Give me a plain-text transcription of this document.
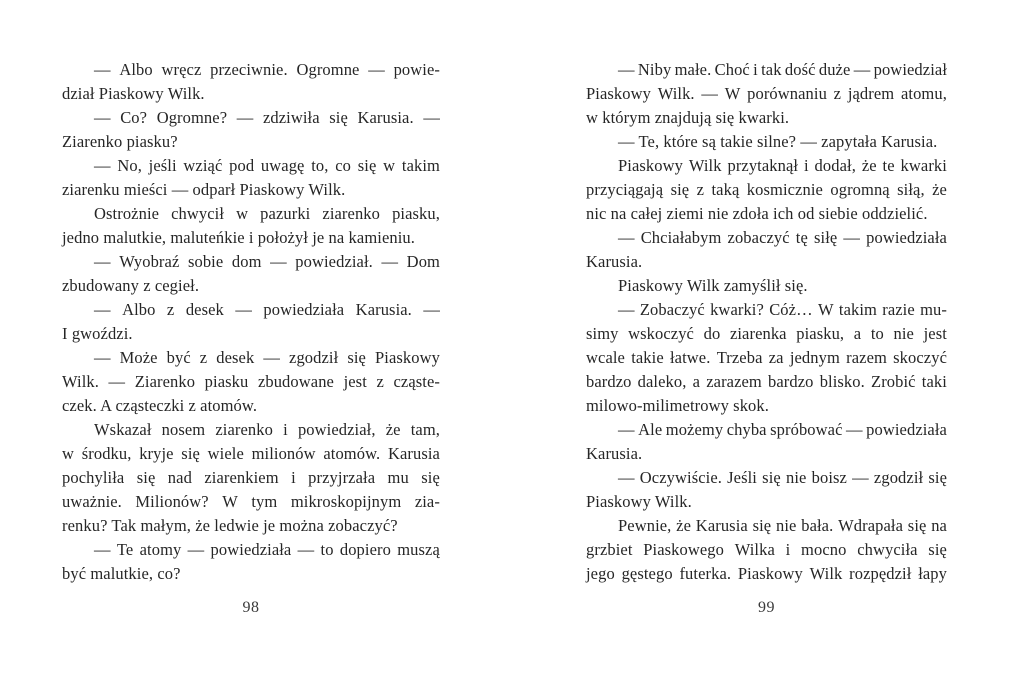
— Albo wręcz przeciwnie. Ogromne — powie-
dział Piaskowy Wilk.
— Co? Ogromne? — zdziwiła się Karusia. —
Ziarenko piasku?
— No, jeśli wziąć pod uwagę to, co się w takim
ziarenku mieści — odparł Piaskowy Wilk.
Ostrożnie chwycił w pazurki ziarenko piasku,
jedno malutkie, maluteńkie i położył je na kamieniu.
— Wyobraź sobie dom — powiedział. — Dom
zbudowany z cegieł.
— Albo z desek — powiedziała Karusia. —
I gwoździ.
— Może być z desek — zgodził się Piaskowy
Wilk. — Ziarenko piasku zbudowane jest z cząste-
czek. A cząsteczki z atomów.
Wskazał nosem ziarenko i powiedział, że tam,
w środku, kryje się wiele milionów atomów. Karusia
pochyliła się nad ziarenkiem i przyjrzała mu się
uważnie. Milionów? W tym mikroskopijnym zia-
renku? Tak małym, że ledwie je można zobaczyć?
— Te atomy — powiedziała — to dopiero muszą
być malutkie, co?
98
— Niby małe. Choć i tak dość duże — powiedział
Piaskowy Wilk. — W porównaniu z jądrem atomu,
w którym znajdują się kwarki.
— Te, które są takie silne? — zapytała Karusia.
Piaskowy Wilk przytaknął i dodał, że te kwarki
przyciągają się z taką kosmicznie ogromną siłą, że
nic na całej ziemi nie zdoła ich od siebie oddzielić.
— Chciałabym zobaczyć tę siłę — powiedziała
Karusia.
Piaskowy Wilk zamyślił się.
— Zobaczyć kwarki? Cóż… W takim razie mu-
simy wskoczyć do ziarenka piasku, a to nie jest
wcale takie łatwe. Trzeba za jednym razem skoczyć
bardzo daleko, a zarazem bardzo blisko. Zrobić taki
milowo-milimetrowy skok.
— Ale możemy chyba spróbować — powiedziała
Karusia.
— Oczywiście. Jeśli się nie boisz — zgodził się
Piaskowy Wilk.
Pewnie, że Karusia się nie bała. Wdrapała się na
grzbiet Piaskowego Wilka i mocno chwyciła się
jego gęstego futerka. Piaskowy Wilk rozpędził łapy
99
